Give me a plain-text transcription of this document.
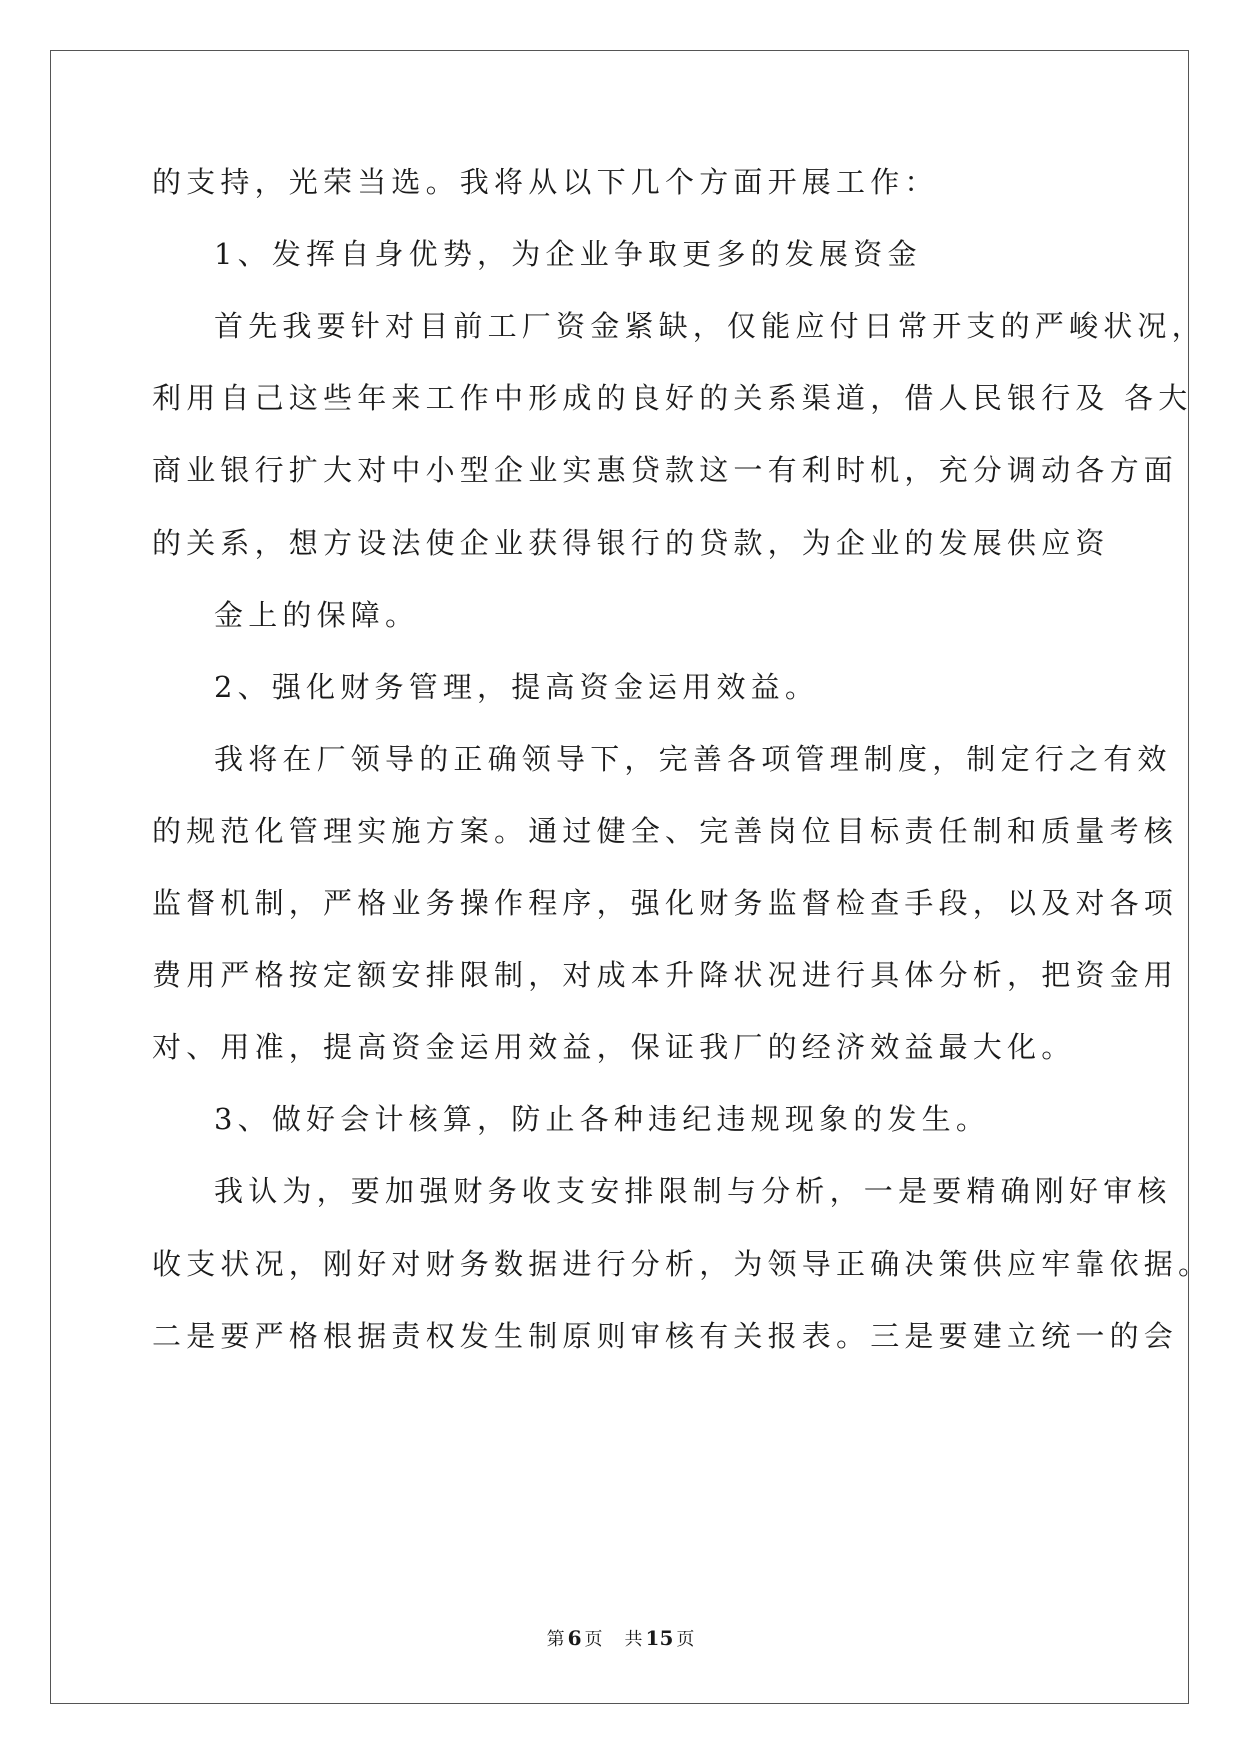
的支持，光荣当选。我将从以下几个方面开展工作：
1、发挥自身优势，为企业争取更多的发展资金
首先我要针对目前工厂资金紧缺，仅能应付日常开支的严峻状况，
利用自己这些年来工作中形成的良好的关系渠道，借人民银行及 各大
商业银行扩大对中小型企业实惠贷款这一有利时机，充分调动各方面
的关系，想方设法使企业获得银行的贷款，为企业的发展供应资
金上的保障。
2、强化财务管理，提高资金运用效益。
我将在厂领导的正确领导下，完善各项管理制度，制定行之有效
的规范化管理实施方案。通过健全、完善岗位目标责任制和质量考核
监督机制，严格业务操作程序，强化财务监督检查手段，以及对各项
费用严格按定额安排限制，对成本升降状况进行具体分析，把资金用
对、用准，提高资金运用效益，保证我厂的经济效益最大化。
3、做好会计核算，防止各种违纪违规现象的发生。
我认为，要加强财务收支安排限制与分析，一是要精确刚好审核
收支状况，刚好对财务数据进行分析，为领导正确决策供应牢靠依据。
二是要严格根据责权发生制原则审核有关报表。三是要建立统一的会
第 6 页 共 15 页
